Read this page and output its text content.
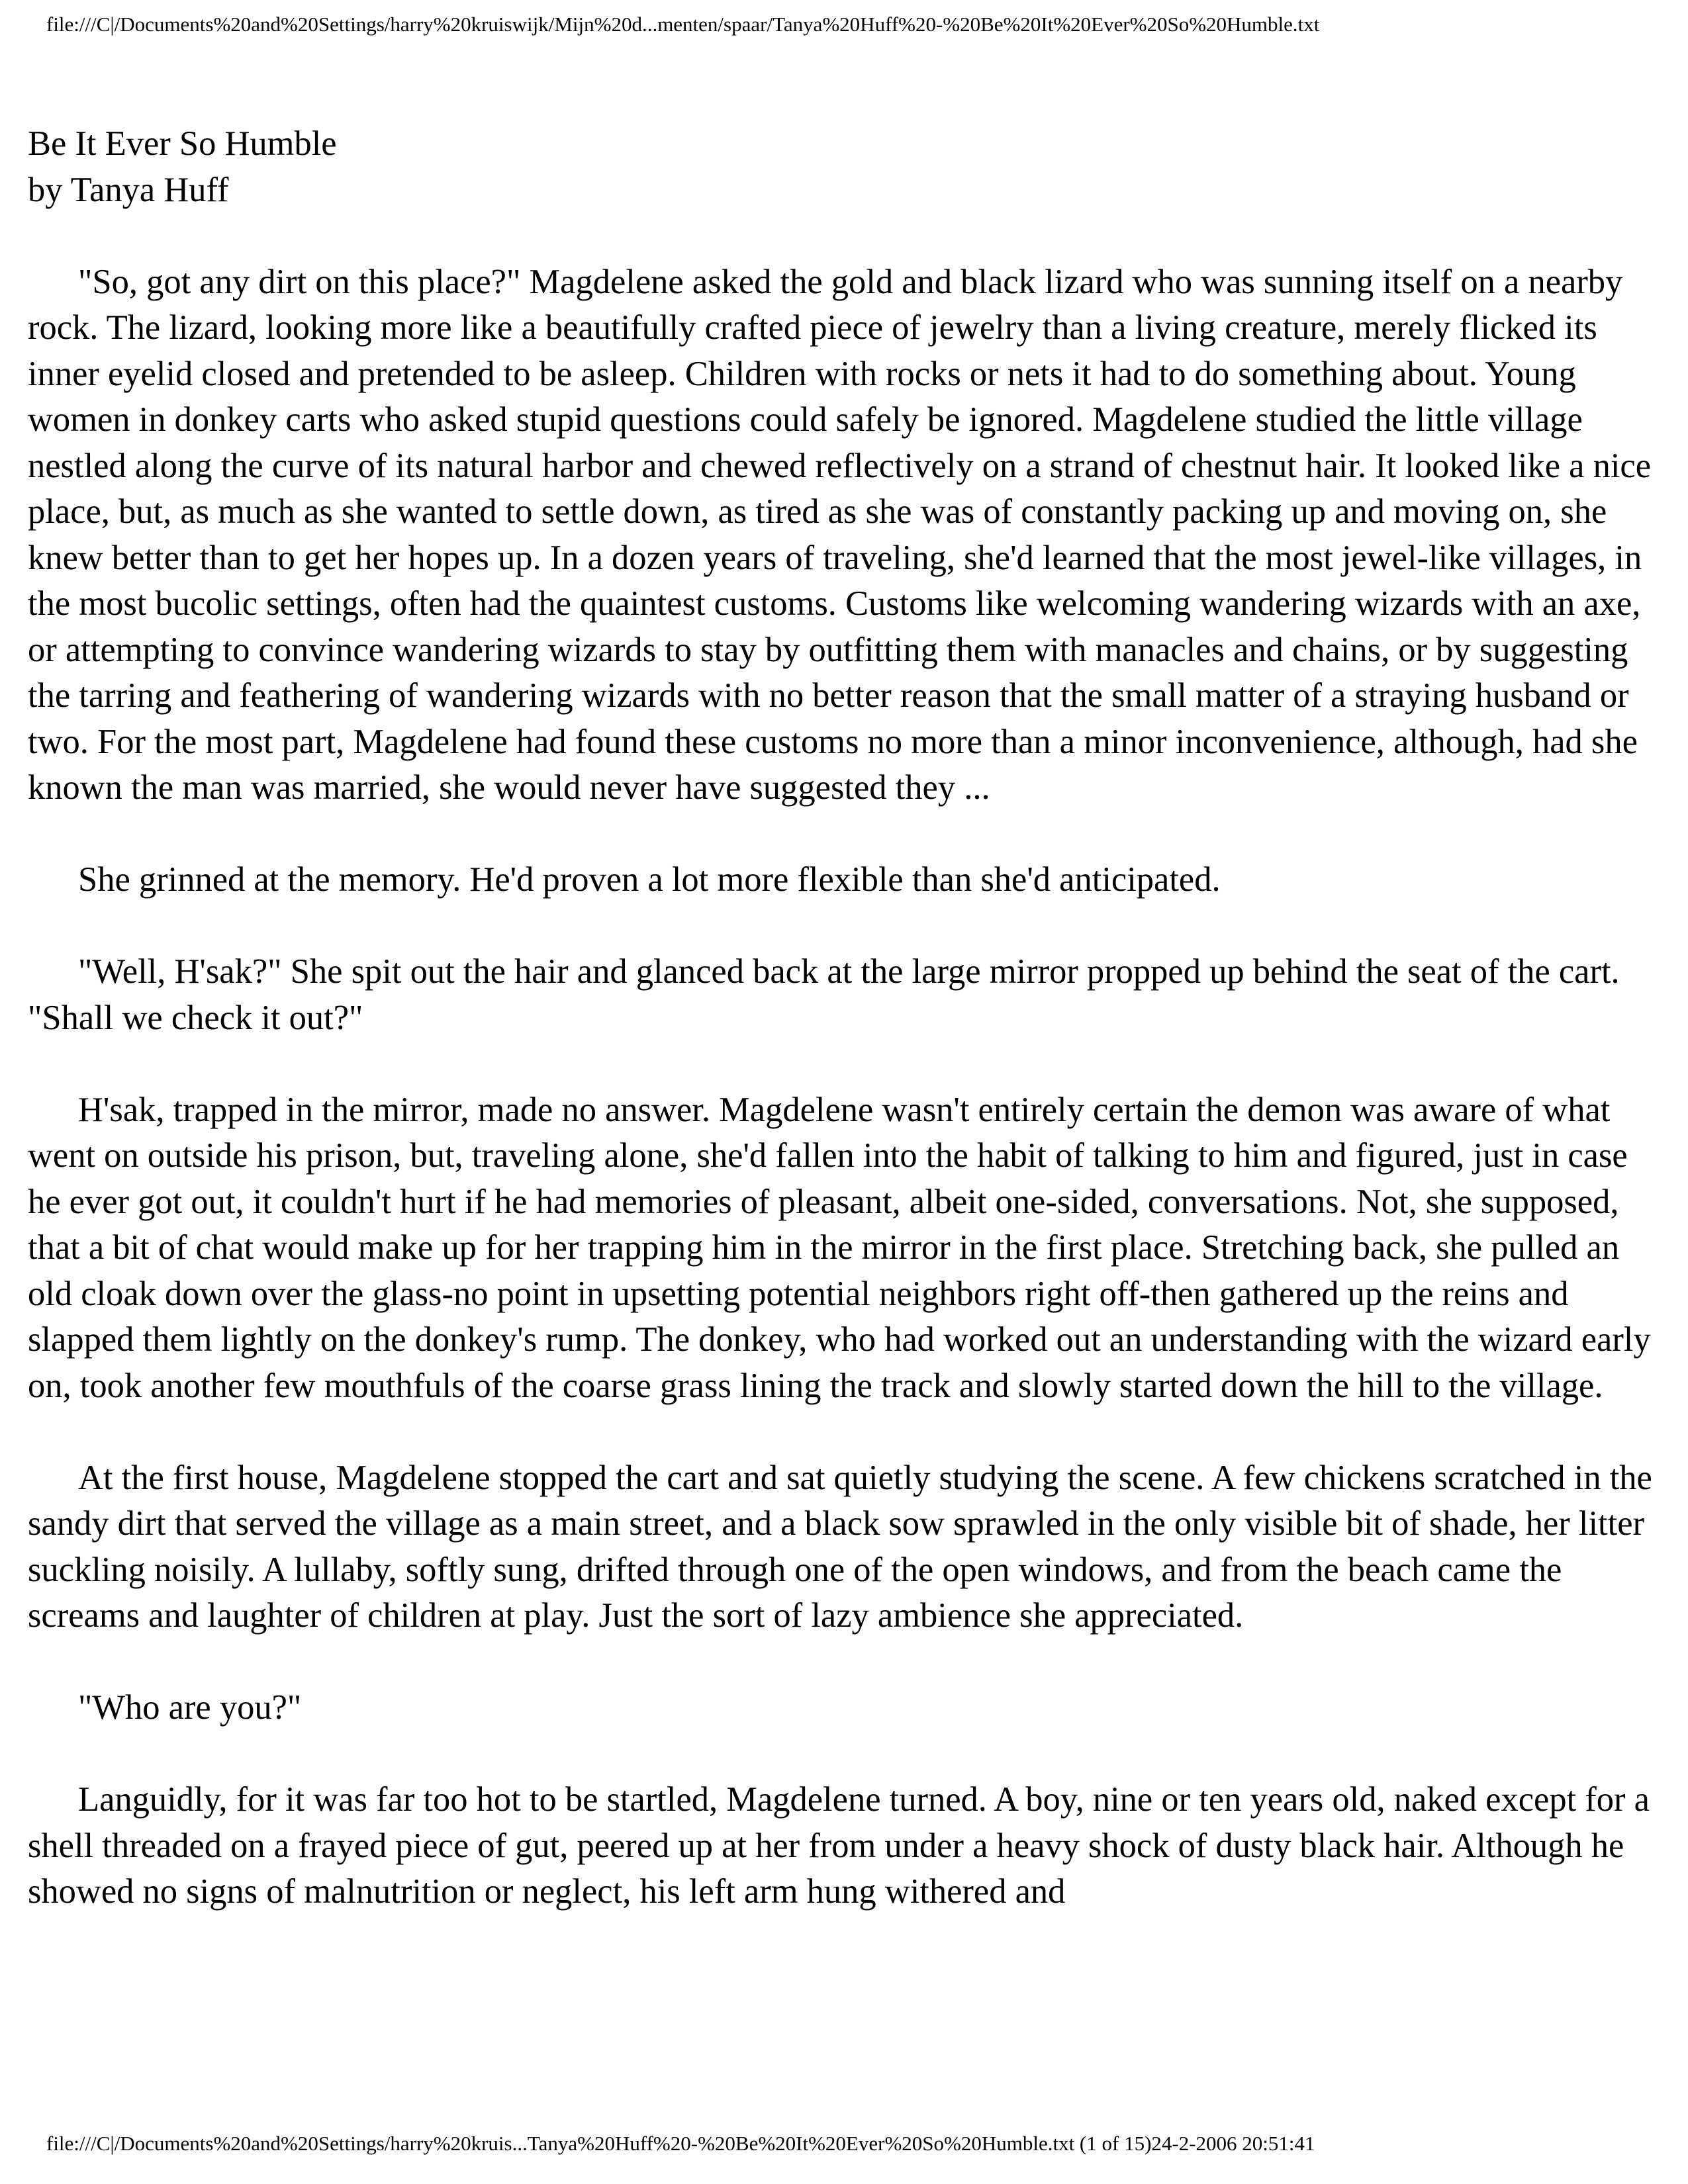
file:///C|/Documents%20and%20Settings/harry%20kruiswijk/Mijn%20d...menten/spaar/Tanya%20Huff%20-%20Be%20It%20Ever%20So%20Humble.txt
Be It Ever So Humble
by Tanya Huff

"So, got any dirt on this place?" Magdelene asked the gold and black lizard who was sunning itself on a nearby rock. The lizard, looking more like a beautifully crafted piece of jewelry than a living creature, merely flicked its inner eyelid closed and pretended to be asleep. Children with rocks or nets it had to do something about. Young women in donkey carts who asked stupid questions could safely be ignored. Magdelene studied the little village nestled along the curve of its natural harbor and chewed reflectively on a strand of chestnut hair. It looked like a nice place, but, as much as she wanted to settle down, as tired as she was of constantly packing up and moving on, she knew better than to get her hopes up. In a dozen years of traveling, she'd learned that the most jewel-like villages, in the most bucolic settings, often had the quaintest customs. Customs like welcoming wandering wizards with an axe, or attempting to convince wandering wizards to stay by outfitting them with manacles and chains, or by suggesting the tarring and feathering of wandering wizards with no better reason that the small matter of a straying husband or two. For the most part, Magdelene had found these customs no more than a minor inconvenience, although, had she known the man was married, she would never have suggested they ...

She grinned at the memory. He'd proven a lot more flexible than she'd anticipated.

"Well, H'sak?" She spit out the hair and glanced back at the large mirror propped up behind the seat of the cart. "Shall we check it out?"

H'sak, trapped in the mirror, made no answer. Magdelene wasn't entirely certain the demon was aware of what went on outside his prison, but, traveling alone, she'd fallen into the habit of talking to him and figured, just in case he ever got out, it couldn't hurt if he had memories of pleasant, albeit one-sided, conversations. Not, she supposed, that a bit of chat would make up for her trapping him in the mirror in the first place. Stretching back, she pulled an old cloak down over the glass-no point in upsetting potential neighbors right off-then gathered up the reins and slapped them lightly on the donkey's rump. The donkey, who had worked out an understanding with the wizard early on, took another few mouthfuls of the coarse grass lining the track and slowly started down the hill to the village.

At the first house, Magdelene stopped the cart and sat quietly studying the scene. A few chickens scratched in the sandy dirt that served the village as a main street, and a black sow sprawled in the only visible bit of shade, her litter suckling noisily. A lullaby, softly sung, drifted through one of the open windows, and from the beach came the screams and laughter of children at play. Just the sort of lazy ambience she appreciated.

"Who are you?"

Languidly, for it was far too hot to be startled, Magdelene turned. A boy, nine or ten years old, naked except for a shell threaded on a frayed piece of gut, peered up at her from under a heavy shock of dusty black hair. Although he showed no signs of malnutrition or neglect, his left arm hung withered and

file:///C|/Documents%20and%20Settings/harry%20kruis...Tanya%20Huff%20-%20Be%20It%20Ever%20So%20Humble.txt (1 of 15)24-2-2006 20:51:41
